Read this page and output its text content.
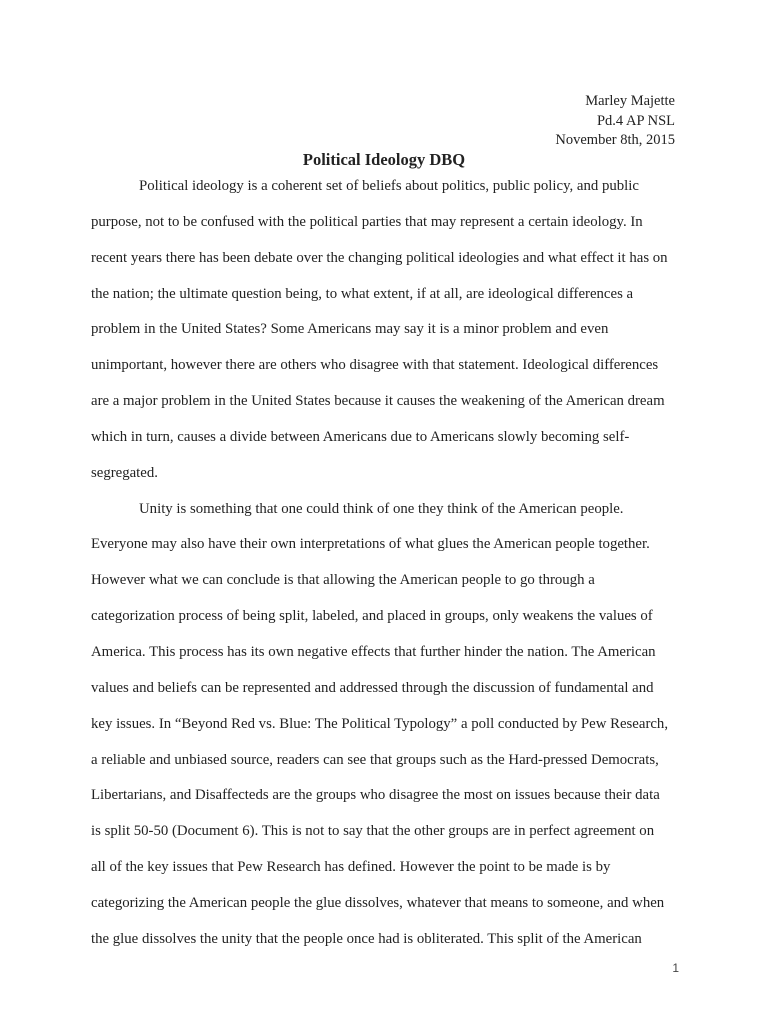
Marley Majette
Pd.4 AP NSL
November 8th, 2015
Political Ideology DBQ
Political ideology is a coherent set of beliefs about politics, public policy, and public
purpose, not to be confused with the political parties that may represent a certain ideology. In
recent years there has been debate over the changing political ideologies and what effect it has on
the nation; the ultimate question being, to what extent, if at all, are ideological differences a
problem in the United States? Some Americans may say it is a minor problem and even
unimportant, however there are others who disagree with that statement. Ideological differences
are a major problem in the United States because it causes the weakening of the American dream
which in turn, causes a divide between Americans due to Americans slowly becoming self-
segregated.
Unity is something that one could think of one they think of the American people.
Everyone may also have their own interpretations of what glues the American people together.
However what we can conclude is that allowing the American people to go through a
categorization process of being split, labeled, and placed in groups, only weakens the values of
America. This process has its own negative effects that further hinder the nation. The American
values and beliefs can be represented and addressed through the discussion of fundamental and
key issues. In “Beyond Red vs. Blue: The Political Typology” a poll conducted by Pew Research,
a reliable and unbiased source, readers can see that groups such as the Hard-pressed Democrats,
Libertarians, and Disaffecteds are the groups who disagree the most on issues because their data
is split 50-50 (Document 6). This is not to say that the other groups are in perfect agreement on
all of the key issues that Pew Research has defined. However the point to be made is by
categorizing the American people the glue dissolves, whatever that means to someone, and when
the glue dissolves the unity that the people once had is obliterated. This split of the American
1
